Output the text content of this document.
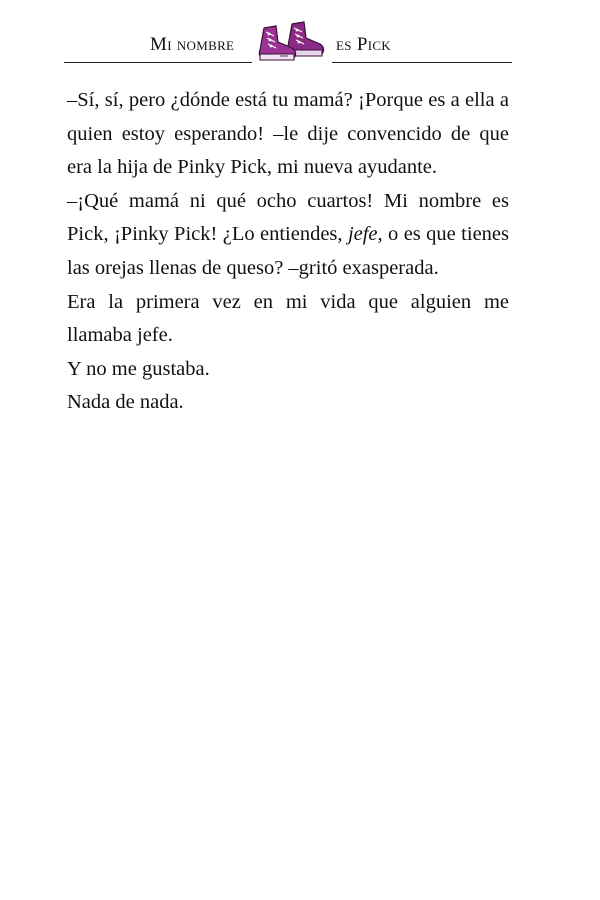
Mi nombre	es Pick

–Sí, sí, pero ¿dónde está tu mamá? ¡Porque es a ella a quien estoy esperando! –le dije convencido de que era la hija de Pinky Pick, mi nueva ayudante.

–¡Qué mamá ni qué ocho cuartos! Mi nombre es Pick, ¡Pinky Pick! ¿Lo entiendes, jefe, o es que tienes las orejas llenas de queso? –gritó exasperada.

Era la primera vez en mi vida que alguien me llamaba jefe.

Y no me gustaba.

Nada de nada.
